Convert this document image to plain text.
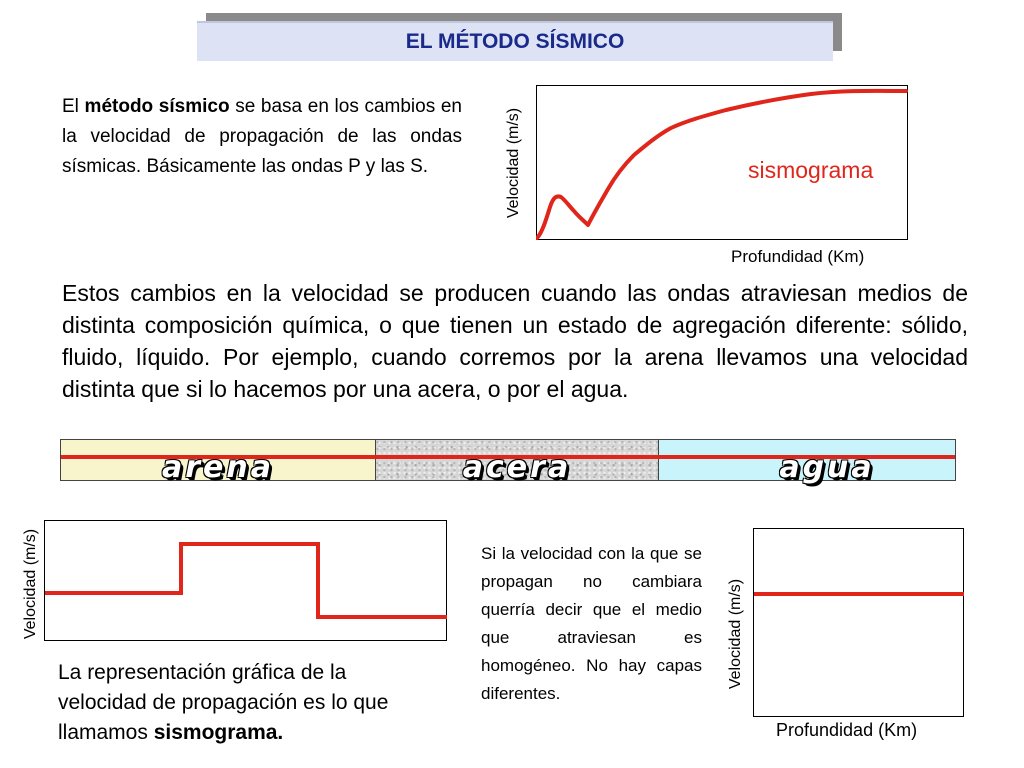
EL MÉTODO SÍSMICO
El método sísmico se basa en los cambios en la velocidad de propagación de las ondas sísmicas. Básicamente las ondas P y las S.	Velocidad (m/s)
Profundidad (Km)
sismograma
Estos cambios en la velocidad se producen cuando las ondas atraviesan medios de distinta composición química, o que tienen un estado de agregación diferente: sólido, fluido, líquido. Por ejemplo, cuando corremos por la arena llevamos una velocidad distinta que si lo hacemos por una acera, o por el agua.
arena	acera	agua
Velocidad (m/s)
La representación gráfica de la velocidad de propagación es lo que llamamos sismograma.
Si la velocidad con la que se propagan no cambiara querría decir que el medio que atraviesan es homogéneo. No hay capas diferentes.
Velocidad (m/s)
Profundidad (Km)
